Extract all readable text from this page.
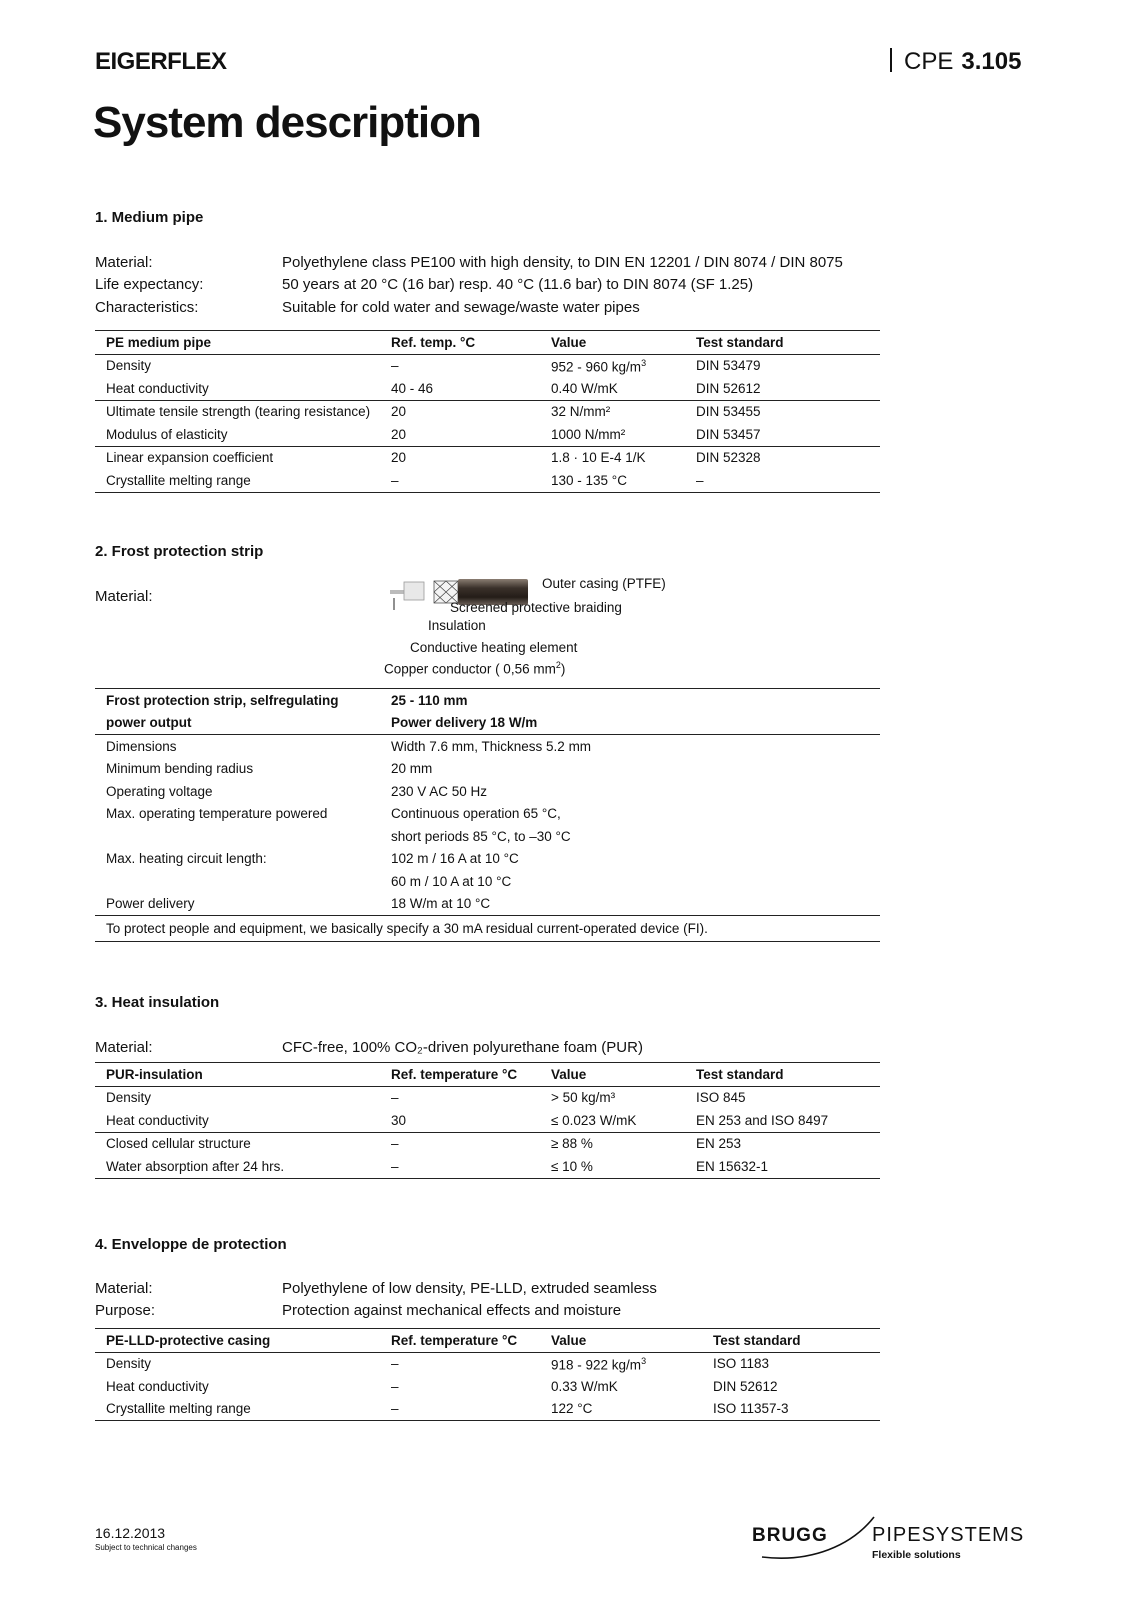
EIGERFLEX	CPE 3.105
System description
1. Medium pipe
Material:	Polyethylene class PE100 with high density, to DIN EN 12201 / DIN 8074 / DIN 8075
Life expectancy:	50 years at 20 °C (16 bar) resp. 40 °C (11.6 bar) to DIN 8074 (SF 1.25)
Characteristics:	Suitable for cold water and sewage/waste water pipes
PE medium pipe	Ref. temp. °C	Value	Test standard
Density	–	952 - 960 $kg/m^3$	DIN 53479
Heat conductivity	40 - 46	0.40 W/mK	DIN 52612
Ultimate tensile strength (tearing resistance)	20	32 N/mm²	DIN 53455
Modulus of elasticity	20	1000 N/mm²	DIN 53457
Linear expansion coefficient	20	1.8 · 10 E-4 1/K	DIN 52328
Crystallite melting range	–	130 - 135 °C	–
2. Frost protection strip
Material:
Outer casing (PTFE)
Screened protective braiding
Insulation
Conductive heating element
Copper conductor ( 0,56 $mm^2$)
Frost protection strip, selfregulating	25 - 110 mm
power output	Power delivery 18 W/m
Dimensions	Width 7.6 mm, Thickness 5.2 mm
Minimum bending radius	20 mm
Operating voltage	230 V AC 50 Hz
Max. operating temperature powered	Continuous operation 65 °C,
	short periods 85 °C, to –30 °C
Max. heating circuit length:	102 m / 16 A at 10 °C
	60 m / 10 A at 10 °C
Power delivery	18 W/m at 10 °C
To protect people and equipment, we basically specify a 30 mA residual current-operated device (FI).	
3. Heat insulation
Material:	CFC-free, 100% CO₂-driven polyurethane foam (PUR)
PUR-insulation	Ref. temperature °C	Value	Test standard
Density	–	> 50 kg/m³	ISO 845
Heat conductivity	30	≤ 0.023 W/mK	EN 253 and ISO 8497
Closed cellular structure	–	≥ 88 %	EN 253
Water absorption after 24 hrs.	–	≤ 10 %	EN 15632-1
4. Enveloppe de protection
Material:	Polyethylene of low density, PE-LLD, extruded seamless
Purpose:	Protection against mechanical effects and moisture
PE-LLD-protective casing	Ref. temperature °C	Value	Test standard
Density	–	918 - 922 $kg/m^3$	ISO 1183
Heat conductivity	–	0.33 W/mK	DIN 52612
Crystallite melting range	–	122 °C	ISO 11357-3
16.12.2013
Subject to technical changes
BRUGG PIPESYSTEMS
Flexible solutions
